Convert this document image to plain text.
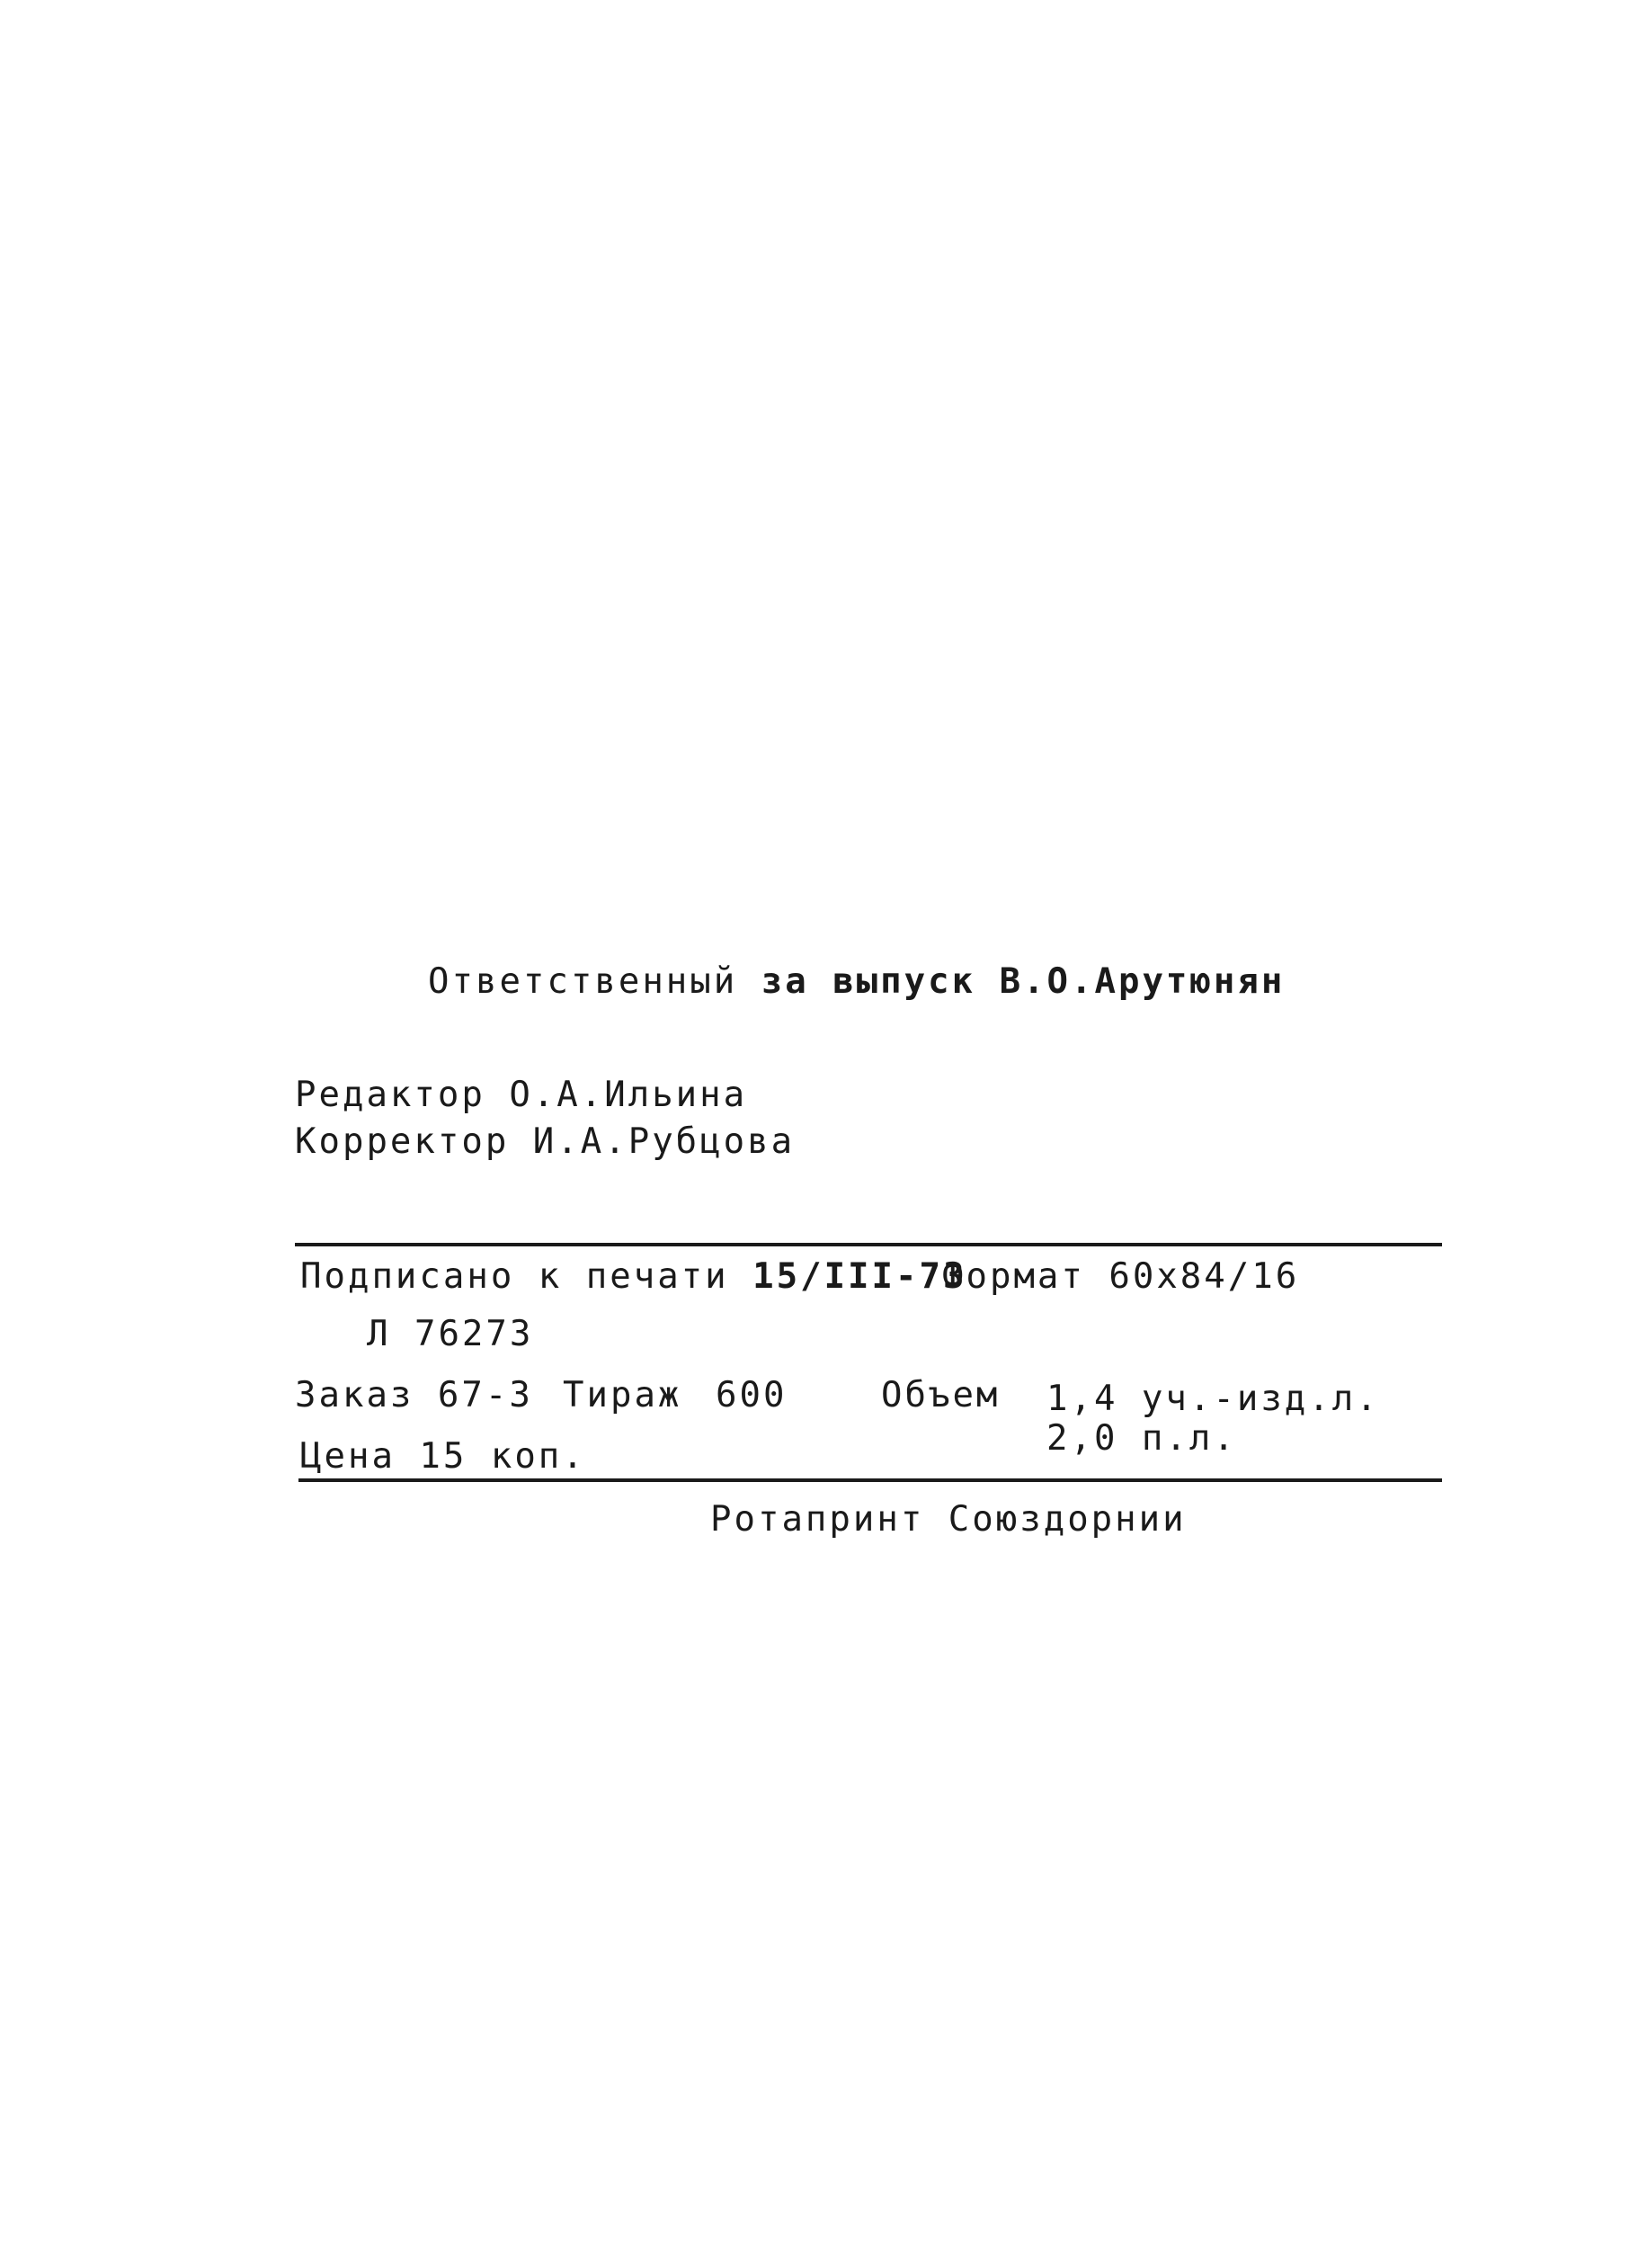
Ответственный за выпуск В.О.Арутюнян
Редактор О.А.Ильина
Корректор И.А.Рубцова
Подписано к печати 15/III-73
Формат 60x84/16
Л 76273
Заказ 67-3 Тираж 600	Объем 1,4 уч.-изд.л.
2,0 п.л.
Цена 15 коп.
Ротапринт Союздорнии
